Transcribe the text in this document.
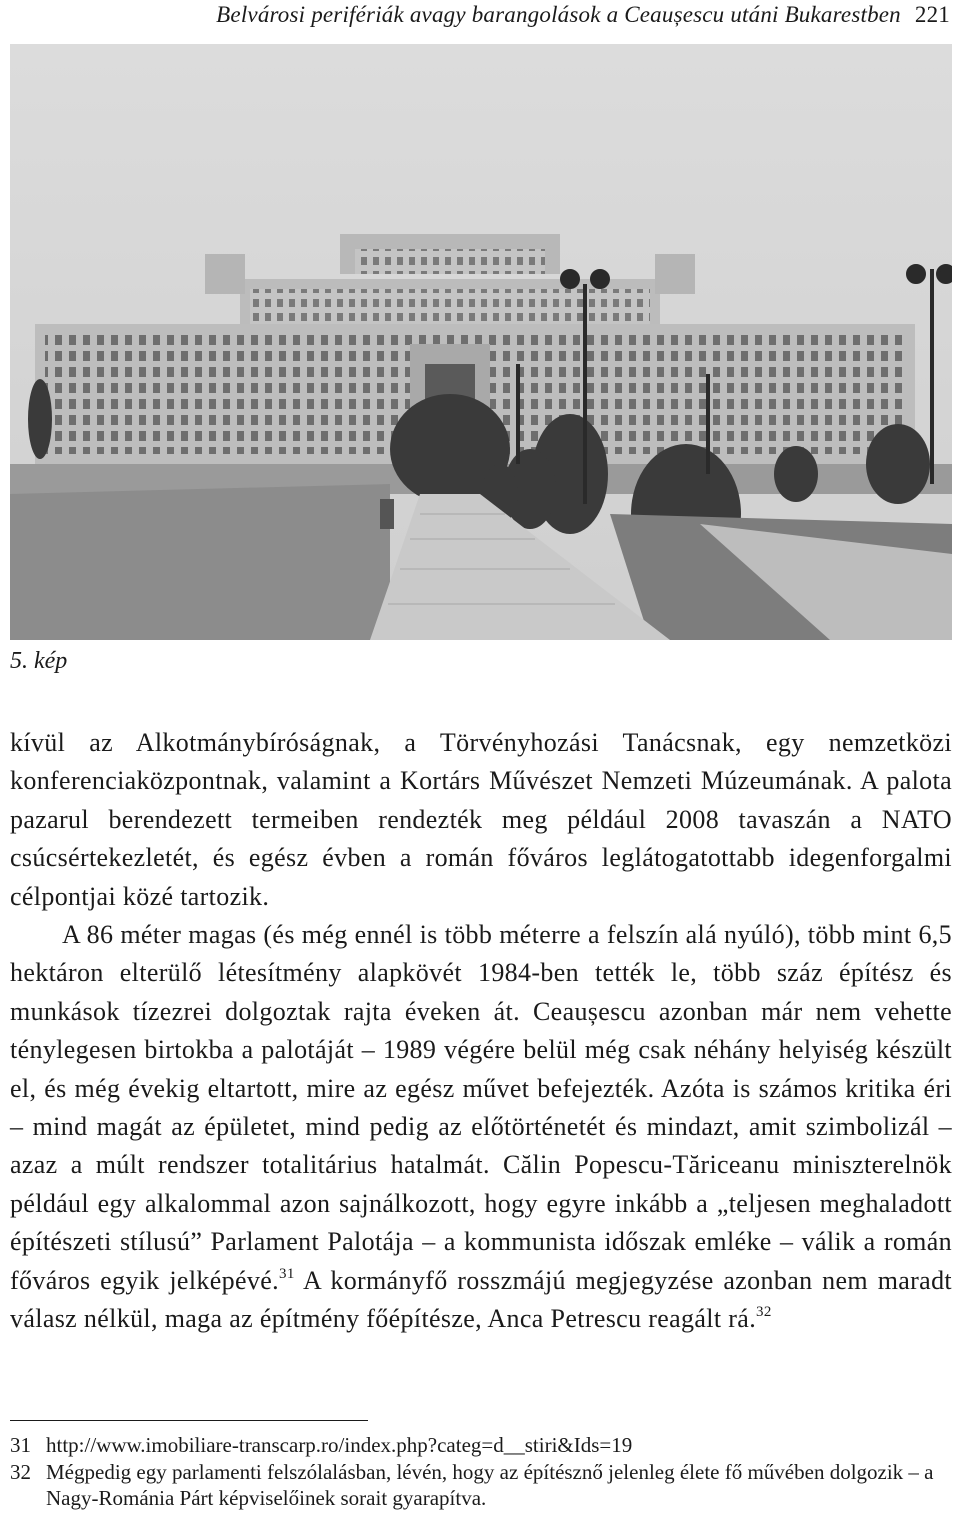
Belvárosi perifériák avagy barangolások a Ceaușescu utáni Bukarestben 221
5. kép

kívül az Alkotmánybíróságnak, a Törvényhozási Tanácsnak, egy nemzetközi konferenciaközpontnak, valamint a Kortárs Művészet Nemzeti Múzeumának. A palota pazarul berendezett termeiben rendezték meg például 2008 tavaszán a NATO csúcsértekezletét, és egész évben a román főváros leglátogatottabb idegenforgalmi célpontjai közé tartozik.

A 86 méter magas (és még ennél is több méterre a felszín alá nyúló), több mint 6,5 hektáron elterülő létesítmény alapkövét 1984-ben tették le, több száz építész és munkások tízezrei dolgoztak rajta éveken át. Ceaușescu azonban már nem vehette ténylegesen birtokba a palotáját – 1989 végére belül még csak néhány helyiség készült el, és még évekig eltartott, mire az egész művet befejezték. Azóta is számos kritika éri – mind magát az épületet, mind pedig az előtörténetét és mindazt, amit szimbolizál – azaz a múlt rendszer totalitárius hatalmát. Călin Popescu-Tăriceanu miniszterelnök például egy alkalommal azon sajnálkozott, hogy egyre inkább a „teljesen meghaladott építészeti stílusú” Parlament Palotája – a kommunista időszak emléke – válik a román főváros egyik jelképévé.$^{31}$ A kormányfő rosszmájú megjegyzése azonban nem maradt válasz nélkül, maga az építmény főépítésze, Anca Petrescu reagált rá.$^{32}$

31 http://www.imobiliare-transcarp.ro/index.php?categ=d__stiri&Ids=19
32 Mégpedig egy parlamenti felszólalásban, lévén, hogy az építésznő jelenleg élete fő művében dolgozik – a Nagy-Románia Párt képviselőinek sorait gyarapítva.
